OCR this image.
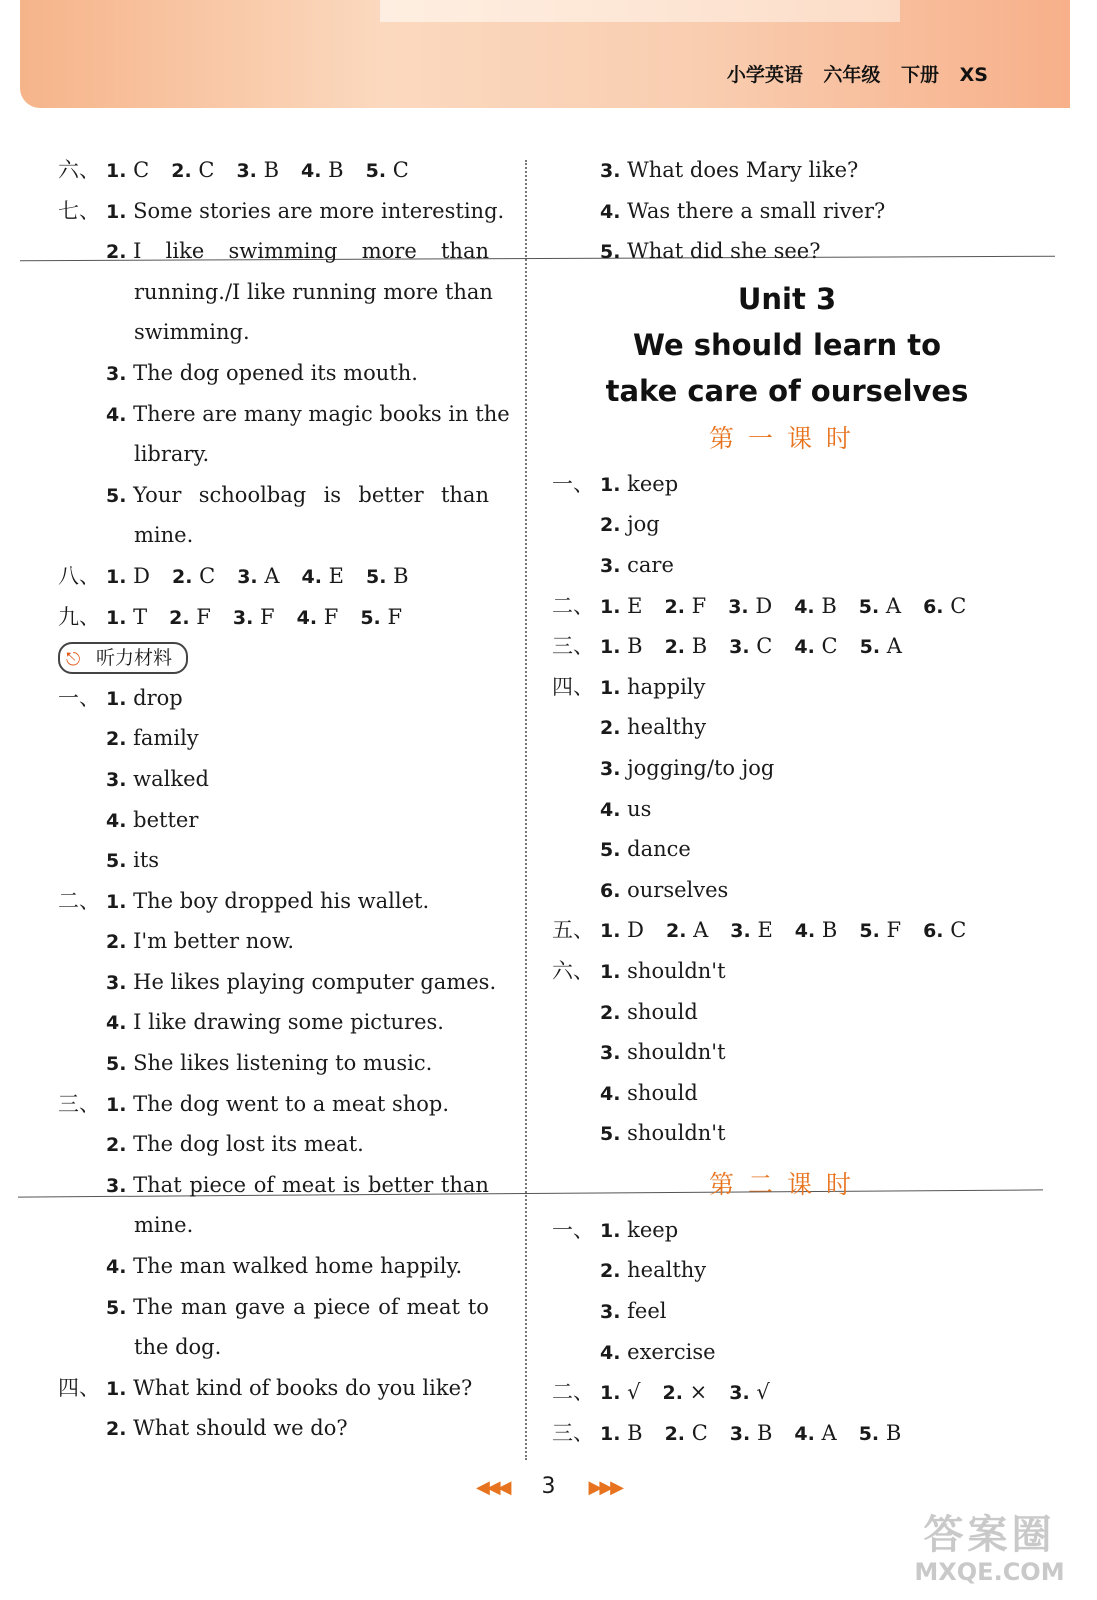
小学英语 六年级 下册 XS
六、 1. C 2. C 3. B 4. B 5. C
七、 1. Some stories are more interesting.
2. I like swimming more than
running./I like running more than
swimming.
3. The dog opened its mouth.
4. There are many magic books in the
library.
5. Your schoolbag is better than
mine.
八、 1. D 2. C 3. A 4. E 5. B
九、 1. T 2. F 3. F 4. F 5. F
⎋ 听力材料
一、 1. drop
2. family
3. walked
4. better
5. its
二、 1. The boy dropped his wallet.
2. I'm better now.
3. He likes playing computer games.
4. I like drawing some pictures.
5. She likes listening to music.
三、 1. The dog went to a meat shop.
2. The dog lost its meat.
3. That piece of meat is better than
mine.
4. The man walked home happily.
5. The man gave a piece of meat to
the dog.
四、 1. What kind of books do you like?
2. What should we do?
3. What does Mary like?
4. Was there a small river?
5. What did she see?
Unit 3
We should learn to
take care of ourselves
第一课时
一、 1. keep
2. jog
3. care
二、 1. E 2. F 3. D 4. B 5. A 6. C
三、 1. B 2. B 3. C 4. C 5. A
四、 1. happily
2. healthy
3. jogging/to jog
4. us
5. dance
6. ourselves
五、 1. D 2. A 3. E 4. B 5. F 6. C
六、 1. shouldn't
2. should
3. shouldn't
4. should
5. shouldn't
第二课时
一、 1. keep
2. healthy
3. feel
4. exercise
二、 1. √ 2. × 3. √
三、 1. B 2. C 3. B 4. A 5. B
◀◀◀ 3 ▶▶▶
答案圈
MXQE.COM
